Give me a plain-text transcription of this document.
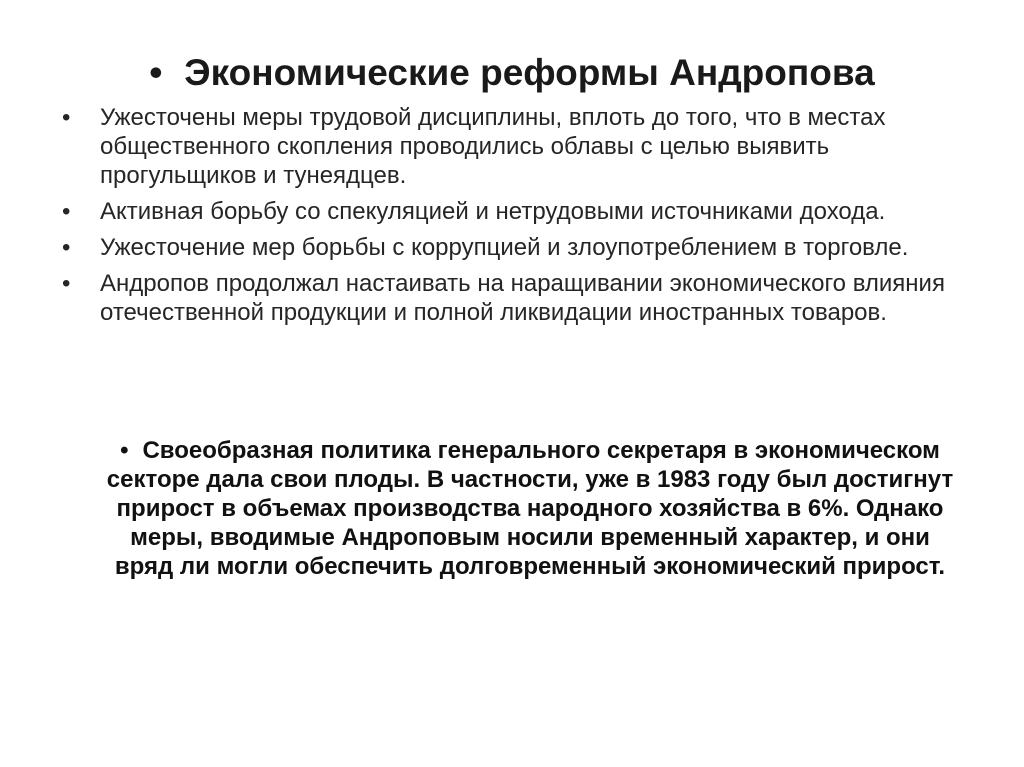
• Экономические реформы Андропова
• Ужесточены меры трудовой дисциплины, вплоть до того, что в местах общественного скопления проводились облавы с целью выявить прогульщиков и тунеядцев.
• Активная борьбу со спекуляцией и нетрудовыми источниками дохода.
• Ужесточение мер борьбы с коррупцией и злоупотреблением в торговле.
• Андропов продолжал настаивать на наращивании экономического влияния отечественной продукции и полной ликвидации иностранных товаров.
• Своеобразная политика генерального секретаря в экономическом секторе дала свои плоды. В частности, уже в 1983 году был достигнут прирост в объемах производства народного хозяйства в 6%. Однако меры, вводимые Андроповым носили временный характер, и они вряд ли могли обеспечить долговременный экономический прирост.
